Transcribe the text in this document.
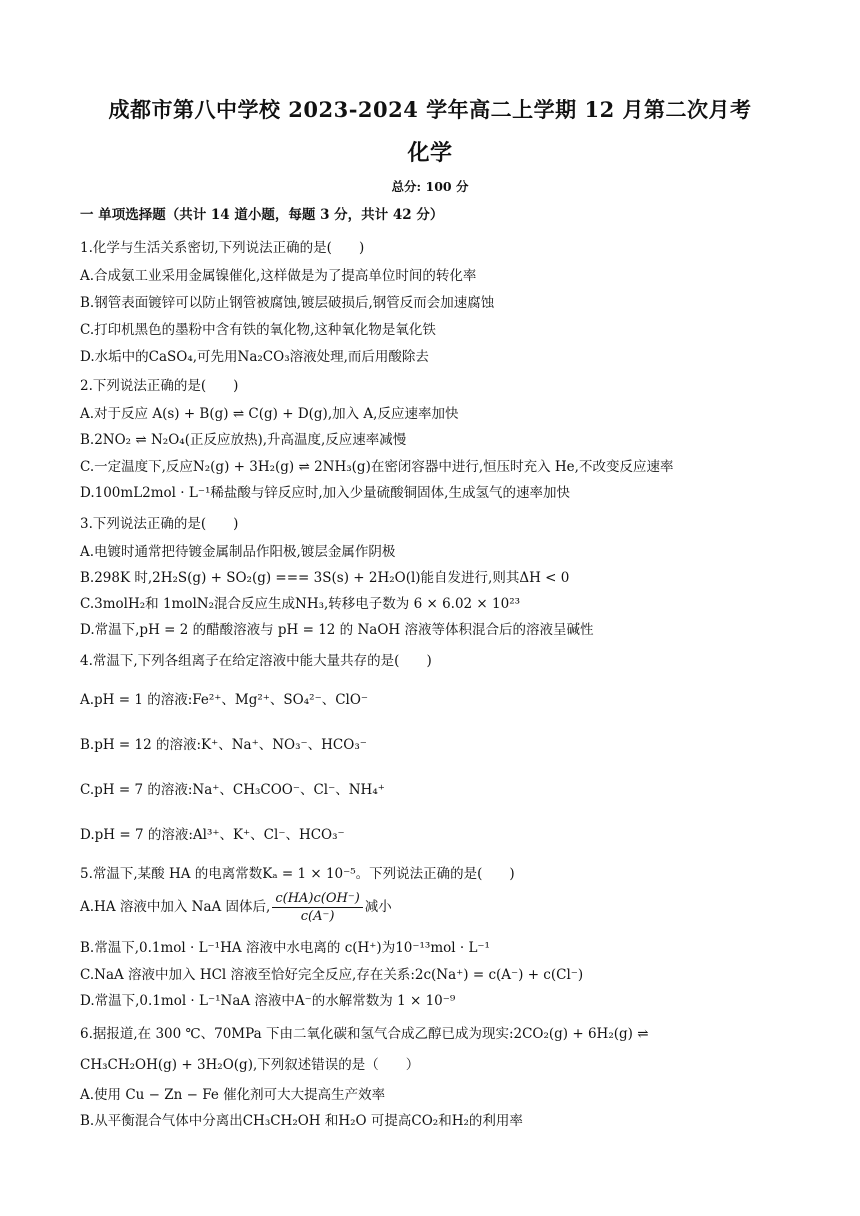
成都市第八中学校 2023-2024 学年高二上学期 12 月第二次月考
化学
总分: 100 分
一 单项选择题（共计 14 道小题，每题 3 分，共计 42 分）
1.化学与生活关系密切,下列说法正确的是(　　)
A.合成氨工业采用金属镍催化,这样做是为了提高单位时间的转化率
B.钢管表面镀锌可以防止钢管被腐蚀,镀层破损后,钢管反而会加速腐蚀
C.打印机黑色的墨粉中含有铁的氧化物,这种氧化物是氧化铁
D.水垢中的CaSO₄,可先用Na₂CO₃溶液处理,而后用酸除去
2.下列说法正确的是(　　)
A.对于反应 A(s) + B(g) ⇌ C(g) + D(g),加入 A,反应速率加快
B.2NO₂ ⇌ N₂O₄(正反应放热),升高温度,反应速率减慢
C.一定温度下,反应N₂(g) + 3H₂(g) ⇌ 2NH₃(g)在密闭容器中进行,恒压时充入 He,不改变反应速率
D.100mL2mol · L⁻¹稀盐酸与锌反应时,加入少量硫酸铜固体,生成氢气的速率加快
3.下列说法正确的是(　　)
A.电镀时通常把待镀金属制品作阳极,镀层金属作阴极
B.298K 时,2H₂S(g) + SO₂(g) === 3S(s) + 2H₂O(l)能自发进行,则其ΔH < 0
C.3molH₂和 1molN₂混合反应生成NH₃,转移电子数为 6 × 6.02 × 10²³
D.常温下,pH = 2 的醋酸溶液与 pH = 12 的 NaOH 溶液等体积混合后的溶液呈碱性
4.常温下,下列各组离子在给定溶液中能大量共存的是(　　)
A.pH = 1 的溶液:Fe²⁺、Mg²⁺、SO₄²⁻、ClO⁻
B.pH = 12 的溶液:K⁺、Na⁺、NO₃⁻、HCO₃⁻
C.pH = 7 的溶液:Na⁺、CH₃COO⁻、Cl⁻、NH₄⁺
D.pH = 7 的溶液:Al³⁺、K⁺、Cl⁻、HCO₃⁻
5.常温下,某酸 HA 的电离常数Kₐ = 1 × 10⁻⁵。下列说法正确的是(　　)
A.HA 溶液中加入 NaA 固体后, $\frac{c(HA)c(OH^-)}{c(A^-)}$ 减小
B.常温下,0.1mol · L⁻¹HA 溶液中水电离的 c(H⁺)为10⁻¹³mol · L⁻¹
C.NaA 溶液中加入 HCl 溶液至恰好完全反应,存在关系:2c(Na⁺) = c(A⁻) + c(Cl⁻)
D.常温下,0.1mol · L⁻¹NaA 溶液中A⁻的水解常数为 1 × 10⁻⁹
6.据报道,在 300 ℃、70MPa 下由二氧化碳和氢气合成乙醇已成为现实:2CO₂(g) + 6H₂(g) ⇌
CH₃CH₂OH(g) + 3H₂O(g),下列叙述错误的是（　　）
A.使用 Cu − Zn − Fe 催化剂可大大提高生产效率
B.从平衡混合气体中分离出CH₃CH₂OH 和H₂O 可提高CO₂和H₂的利用率
